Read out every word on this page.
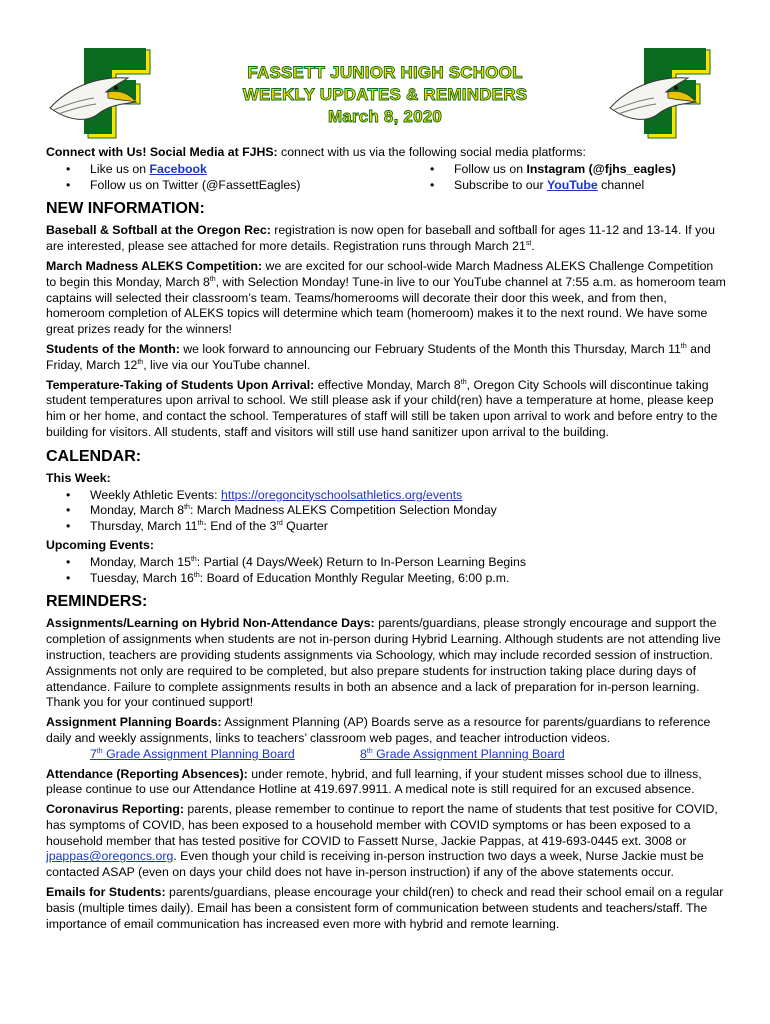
FASSETT JUNIOR HIGH SCHOOL
WEEKLY UPDATES & REMINDERS
March 8, 2020

Connect with Us! Social Media at FJHS: connect with us via the following social media platforms:

• Like us on Facebook	• Follow us on Instagram (@fjhs_eagles)
• Follow us on Twitter (@FassettEagles)	• Subscribe to our YouTube channel
NEW INFORMATION:

Baseball & Softball at the Oregon Rec: registration is now open for baseball and softball for ages 11-12 and 13-14. If you are interested, please see attached for more details. Registration runs through March 21st.

March Madness ALEKS Competition: we are excited for our school-wide March Madness ALEKS Challenge Competition to begin this Monday, March 8th, with Selection Monday! Tune-in live to our YouTube channel at 7:55 a.m. as homeroom team captains will selected their classroom’s team. Teams/homerooms will decorate their door this week, and from then, homeroom completion of ALEKS topics will determine which team (homeroom) makes it to the next round. We have some great prizes ready for the winners!

Students of the Month: we look forward to announcing our February Students of the Month this Thursday, March 11th and Friday, March 12th, live via our YouTube channel.

Temperature-Taking of Students Upon Arrival: effective Monday, March 8th, Oregon City Schools will discontinue taking student temperatures upon arrival to school. We still please ask if your child(ren) have a temperature at home, please keep him or her home, and contact the school. Temperatures of staff will still be taken upon arrival to work and before entry to the building for visitors. All students, staff and visitors will still use hand sanitizer upon arrival to the building.

CALENDAR:
This Week:
• Weekly Athletic Events: https://oregoncityschoolsathletics.org/events
• Monday, March 8th: March Madness ALEKS Competition Selection Monday
• Thursday, March 11th: End of the 3rd Quarter
Upcoming Events:
• Monday, March 15th: Partial (4 Days/Week) Return to In-Person Learning Begins
• Tuesday, March 16th: Board of Education Monthly Regular Meeting, 6:00 p.m.
REMINDERS:

Assignments/Learning on Hybrid Non-Attendance Days: parents/guardians, please strongly encourage and support the completion of assignments when students are not in-person during Hybrid Learning. Although students are not attending live instruction, teachers are providing students assignments via Schoology, which may include recorded session of instruction. Assignments not only are required to be completed, but also prepare students for instruction taking place during days of attendance. Failure to complete assignments results in both an absence and a lack of preparation for in-person learning. Thank you for your continued support!

Assignment Planning Boards: Assignment Planning (AP) Boards serve as a resource for parents/guardians to reference daily and weekly assignments, links to teachers’ classroom web pages, and teacher introduction videos.

7th Grade Assignment Planning Board	8th Grade Assignment Planning Board

Attendance (Reporting Absences): under remote, hybrid, and full learning, if your student misses school due to illness, please continue to use our Attendance Hotline at 419.697.9911. A medical note is still required for an excused absence.

Coronavirus Reporting: parents, please remember to continue to report the name of students that test positive for COVID, has symptoms of COVID, has been exposed to a household member with COVID symptoms or has been exposed to a household member that has tested positive for COVID to Fassett Nurse, Jackie Pappas, at 419-693-0445 ext. 3008 or jpappas@oregoncs.org. Even though your child is receiving in-person instruction two days a week, Nurse Jackie must be contacted ASAP (even on days your child does not have in-person instruction) if any of the above statements occur.

Emails for Students: parents/guardians, please encourage your child(ren) to check and read their school email on a regular basis (multiple times daily). Email has been a consistent form of communication between students and teachers/staff. The importance of email communication has increased even more with hybrid and remote learning.
